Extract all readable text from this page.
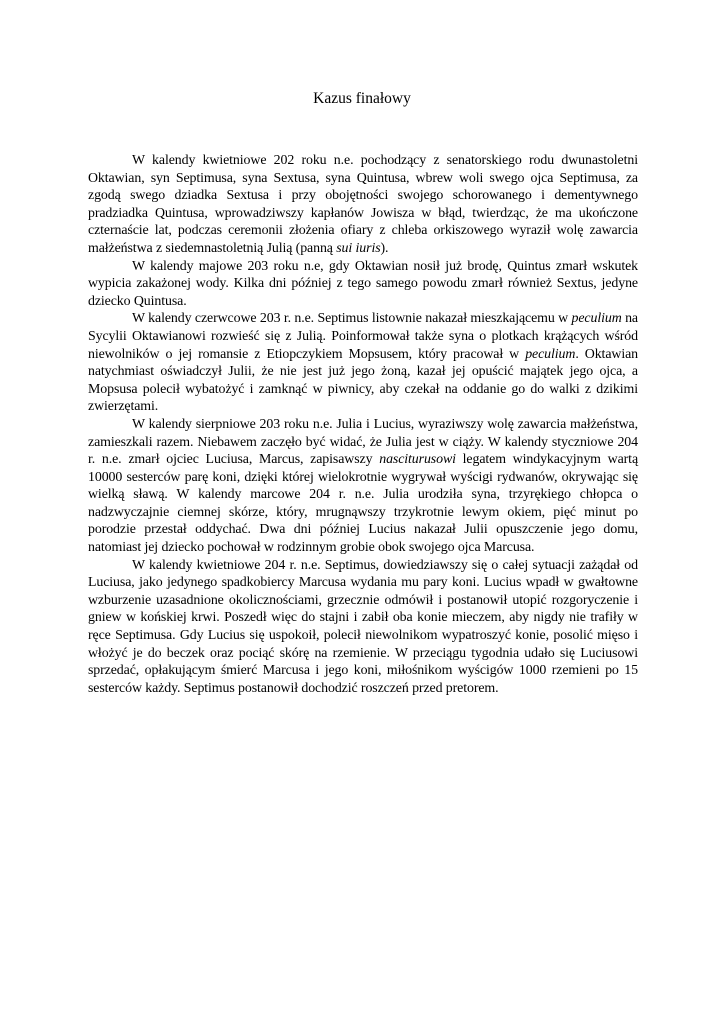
Kazus finałowy

W kalendy kwietniowe 202 roku n.e. pochodzący z senatorskiego rodu dwunastoletni Oktawian, syn Septimusa, syna Sextusa, syna Quintusa, wbrew woli swego ojca Septimusa, za zgodą swego dziadka Sextusa i przy obojętności swojego schorowanego i dementywnego pradziadka Quintusa, wprowadziwszy kapłanów Jowisza w błąd, twierdząc, że ma ukończone czternaście lat, podczas ceremonii złożenia ofiary z chleba orkiszowego wyraził wolę zawarcia małżeństwa z siedemnastoletnią Julią (panną sui iuris).

W kalendy majowe 203 roku n.e, gdy Oktawian nosił już brodę, Quintus zmarł wskutek wypicia zakażonej wody. Kilka dni później z tego samego powodu zmarł również Sextus, jedyne dziecko Quintusa.

W kalendy czerwcowe 203 r. n.e. Septimus listownie nakazał mieszkającemu w peculium na Sycylii Oktawianowi rozwieść się z Julią. Poinformował także syna o plotkach krążących wśród niewolników o jej romansie z Etiopczykiem Mopsusem, który pracował w peculium. Oktawian natychmiast oświadczył Julii, że nie jest już jego żoną, kazał jej opuścić majątek jego ojca, a Mopsusa polecił wybatożyć i zamknąć w piwnicy, aby czekał na oddanie go do walki z dzikimi zwierzętami.

W kalendy sierpniowe 203 roku n.e. Julia i Lucius, wyraziwszy wolę zawarcia małżeństwa, zamieszkali razem. Niebawem zaczęło być widać, że Julia jest w ciąży. W kalendy styczniowe 204 r. n.e. zmarł ojciec Luciusa, Marcus, zapisawszy nasciturusowi legatem windykacyjnym wartą 10000 sesterców parę koni, dzięki której wielokrotnie wygrywał wyścigi rydwanów, okrywając się wielką sławą. W kalendy marcowe 204 r. n.e. Julia urodziła syna, trzyrękiego chłopca o nadzwyczajnie ciemnej skórze, który, mrugnąwszy trzykrotnie lewym okiem, pięć minut po porodzie przestał oddychać. Dwa dni później Lucius nakazał Julii opuszczenie jego domu, natomiast jej dziecko pochował w rodzinnym grobie obok swojego ojca Marcusa.

W kalendy kwietniowe 204 r. n.e. Septimus, dowiedziawszy się o całej sytuacji zażądał od Luciusa, jako jedynego spadkobiercy Marcusa wydania mu pary koni. Lucius wpadł w gwałtowne wzburzenie uzasadnione okolicznościami, grzecznie odmówił i postanowił utopić rozgoryczenie i gniew w końskiej krwi. Poszedł więc do stajni i zabił oba konie mieczem, aby nigdy nie trafiły w ręce Septimusa. Gdy Lucius się uspokoił, polecił niewolnikom wypatroszyć konie, posolić mięso i włożyć je do beczek oraz pociąć skórę na rzemienie. W przeciągu tygodnia udało się Luciusowi sprzedać, opłakującym śmierć Marcusa i jego koni, miłośnikom wyścigów 1000 rzemieni po 15 sesterców każdy. Septimus postanowił dochodzić roszczeń przed pretorem.
